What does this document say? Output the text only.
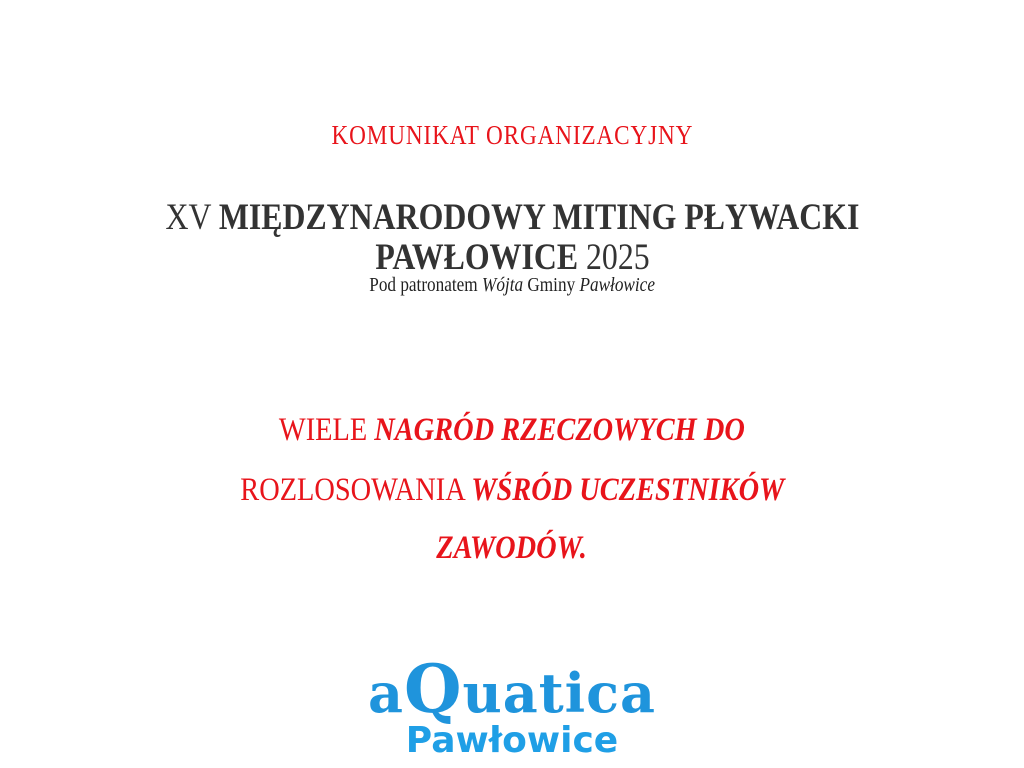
KOMUNIKAT ORGANIZACYJNY
XV MIĘDZYNARODOWY MITING PŁYWACKI
PAWŁOWICE 2025
Pod patronatem Wójta Gminy Pawłowice
WIELE NAGRÓD RZECZOWYCH DO
ROZLOSOWANIA WŚRÓD UCZESTNIKÓW
ZAWODÓW.
aQuatica
Pawłowice
